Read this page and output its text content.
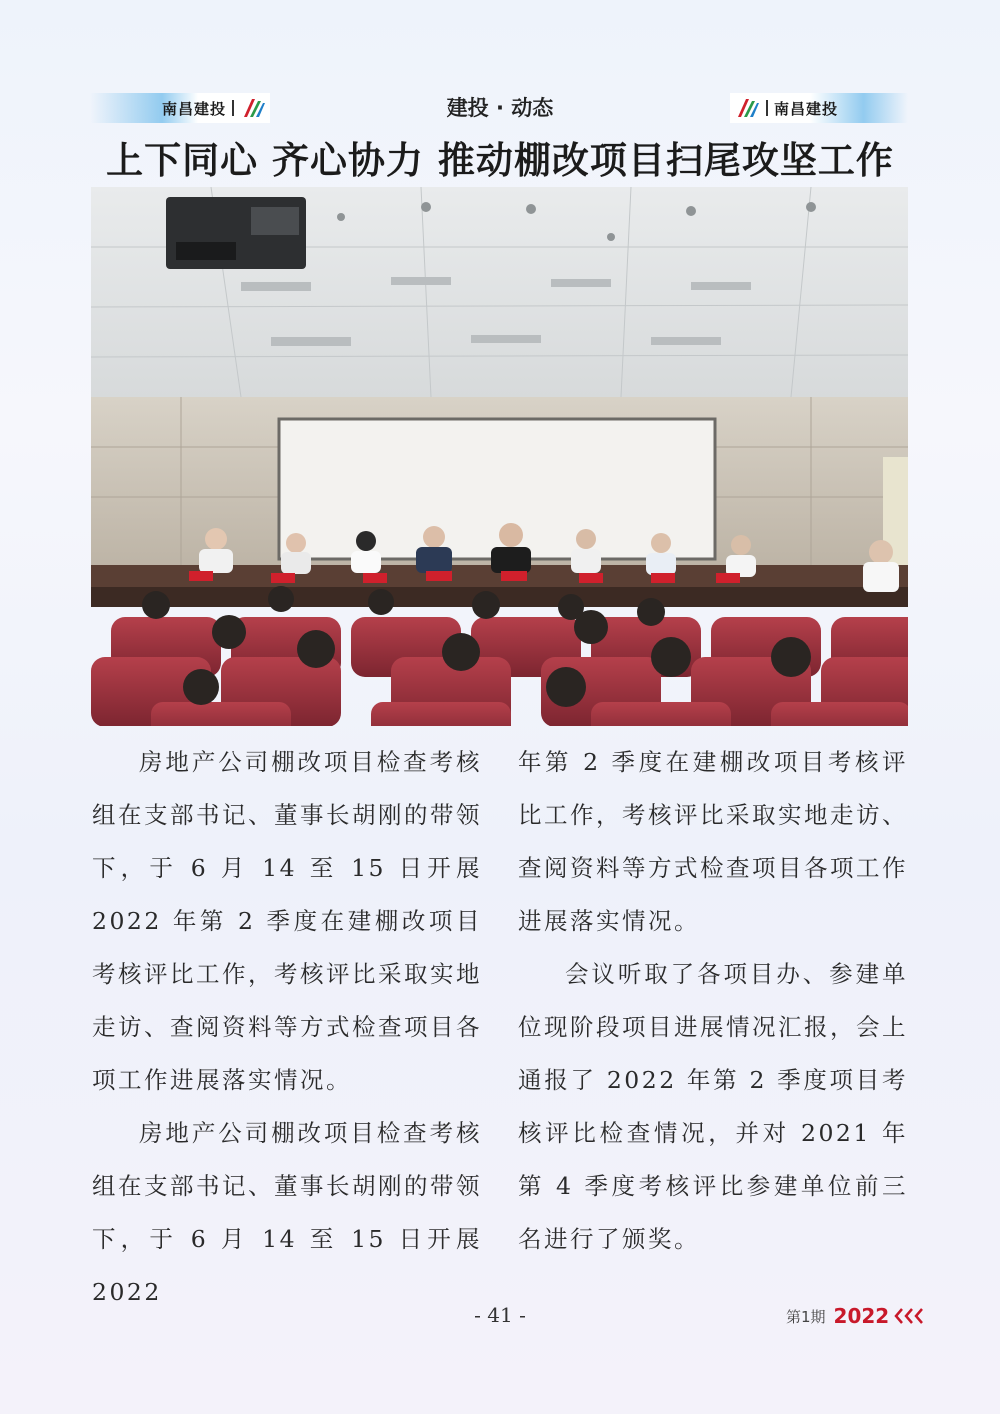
南昌建投	建投 · 动态	南昌建投
上下同心 齐心协力 推动棚改项目扫尾攻坚工作

房地产公司棚改项目检查考核组在支部书记、董事长胡刚的带领下，于 6 月 14 至 15 日开展 2022 年第 2 季度在建棚改项目考核评比工作，考核评比采取实地走访、查阅资料等方式检查项目各项工作进展落实情况。

房地产公司棚改项目检查考核组在支部书记、董事长胡刚的带领下，于 6 月 14 至 15 日开展 2022

年第 2 季度在建棚改项目考核评比工作，考核评比采取实地走访、查阅资料等方式检查项目各项工作进展落实情况。

会议听取了各项目办、参建单位现阶段项目进展情况汇报，会上通报了 2022 年第 2 季度项目考核评比检查情况，并对 2021 年第 4 季度考核评比参建单位前三名进行了颁奖。

- 41 -	第1期 2022
